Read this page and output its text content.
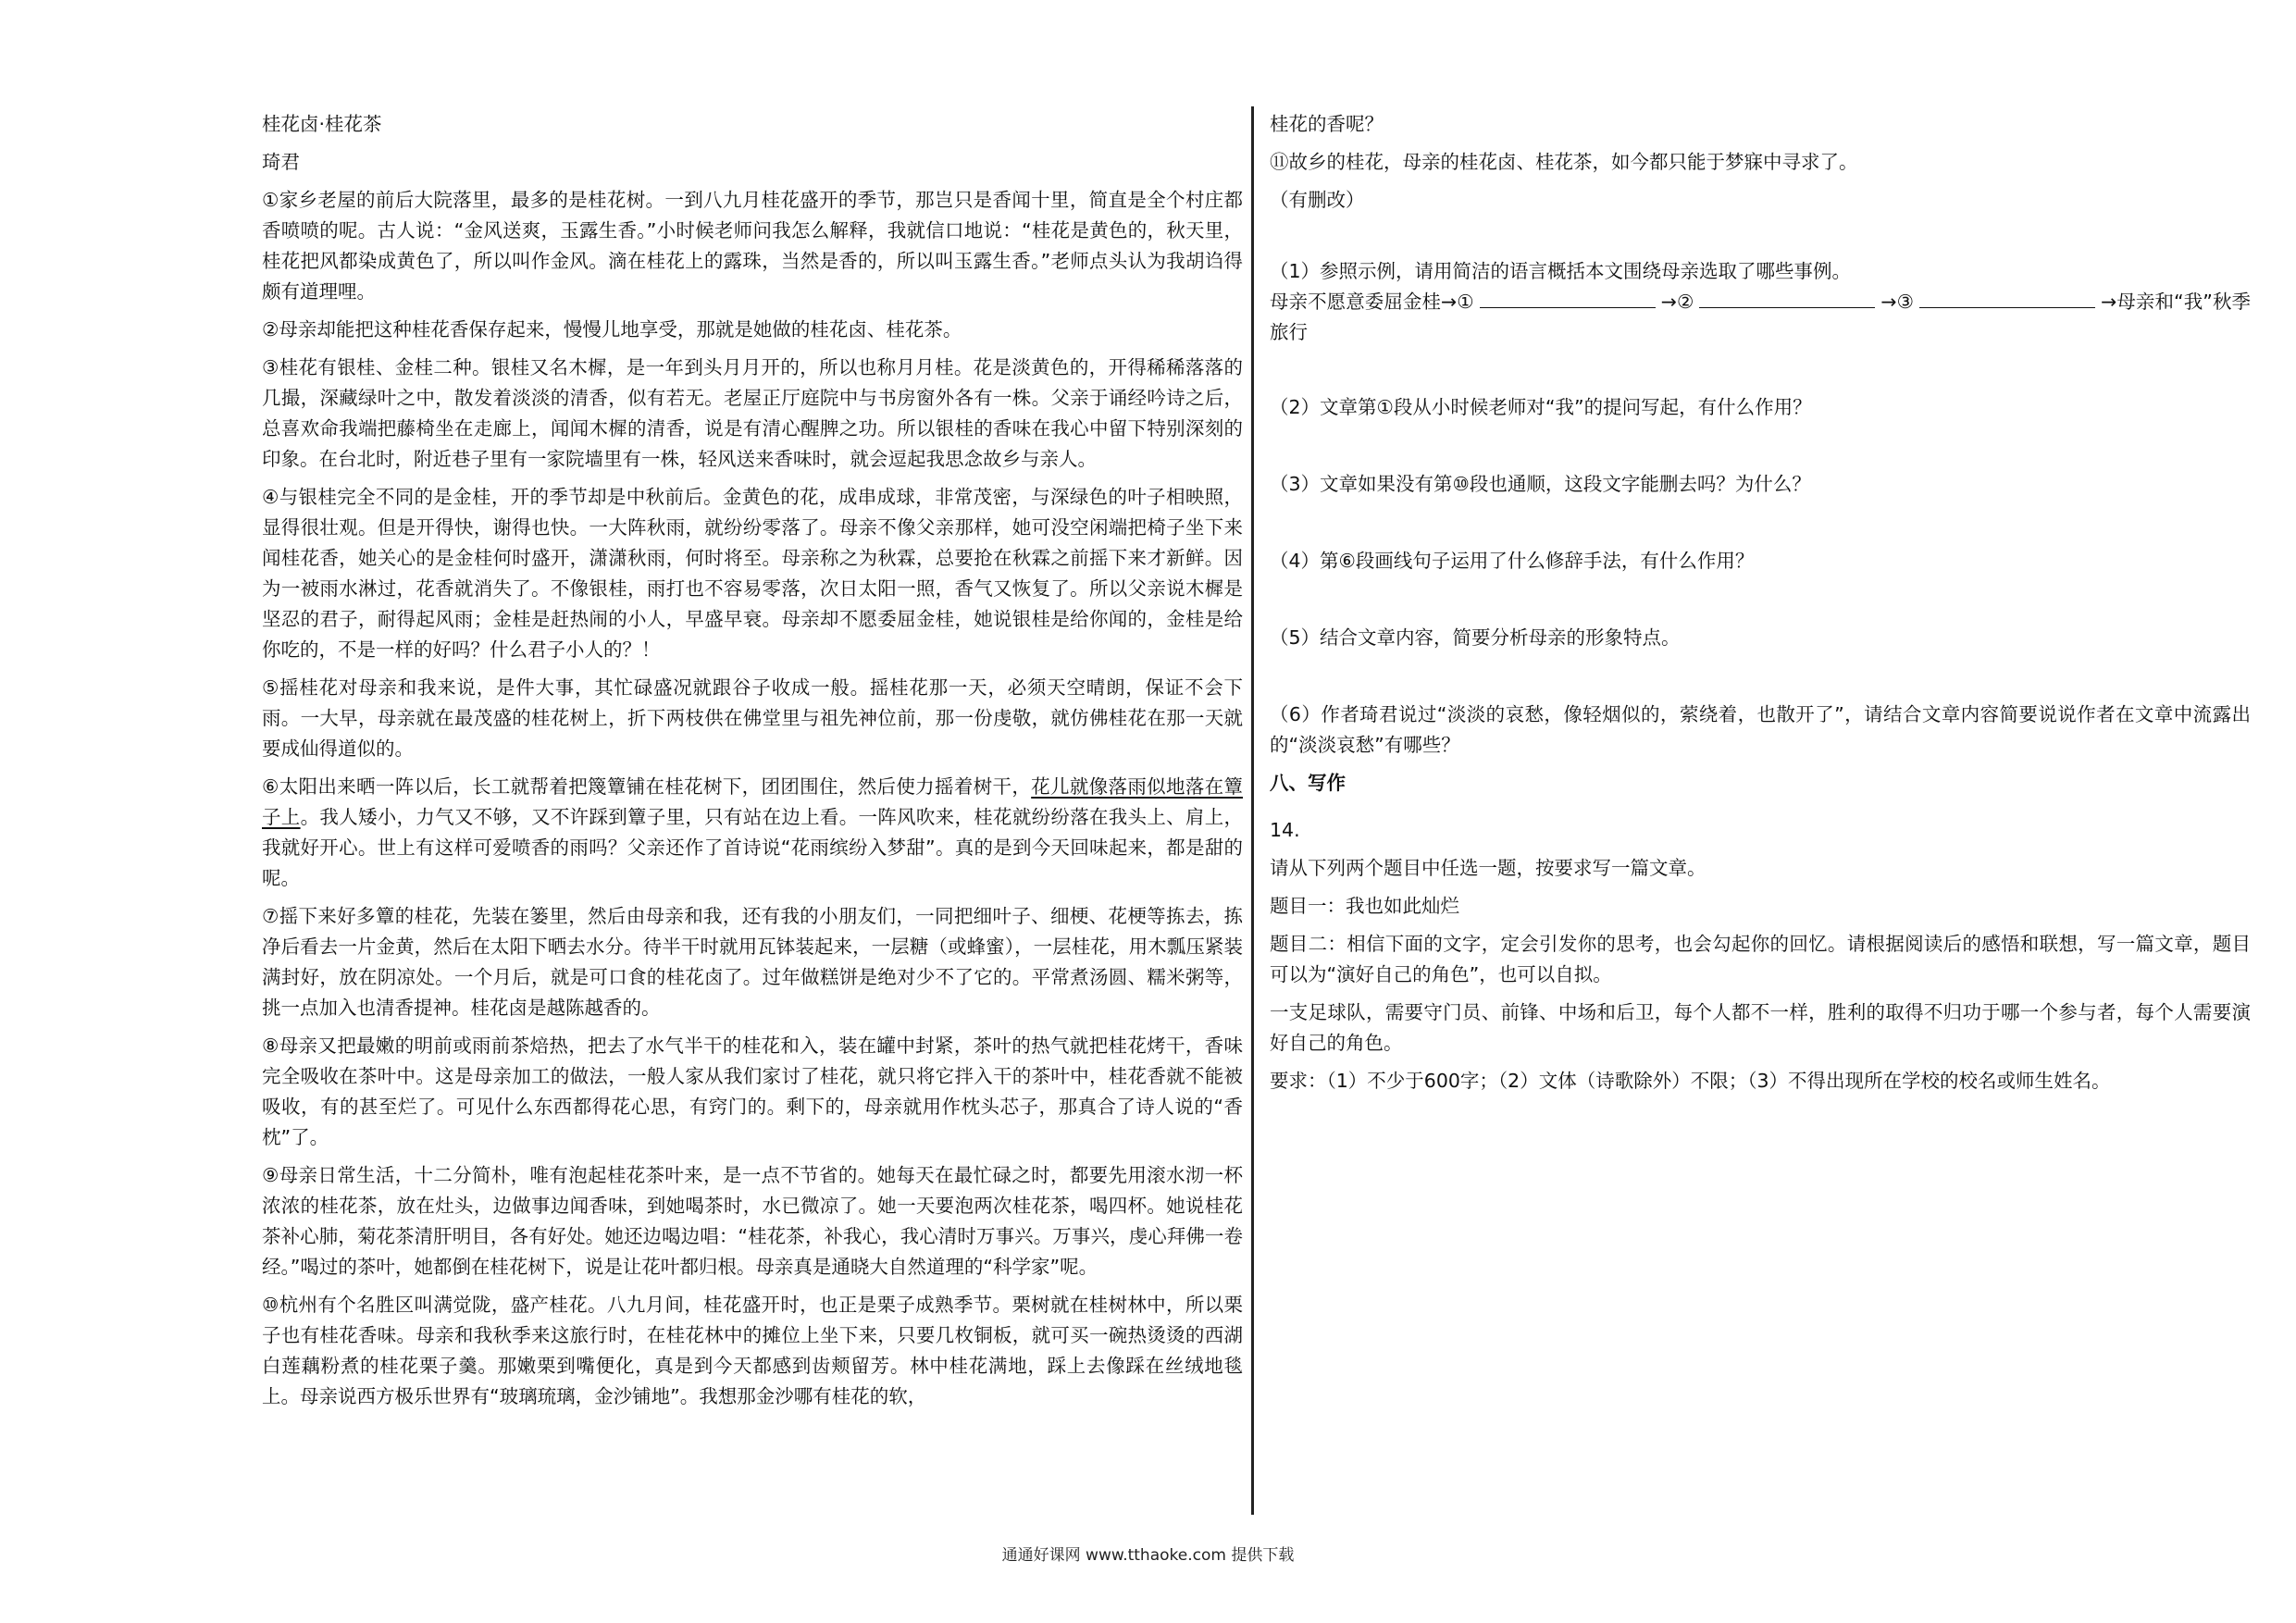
桂花卤·桂花茶

琦君

①家乡老屋的前后大院落里，最多的是桂花树。一到八九月桂花盛开的季节，那岂只是香闻十里，简直是全个村庄都香喷喷的呢。古人说：“金风送爽，玉露生香。”小时候老师问我怎么解释，我就信口地说：“桂花是黄色的，秋天里，桂花把风都染成黄色了，所以叫作金风。滴在桂花上的露珠，当然是香的，所以叫玉露生香。”老师点头认为我胡诌得颇有道理哩。

②母亲却能把这种桂花香保存起来，慢慢儿地享受，那就是她做的桂花卤、桂花茶。

③桂花有银桂、金桂二种。银桂又名木樨，是一年到头月月开的，所以也称月月桂。花是淡黄色的，开得稀稀落落的几撮，深藏绿叶之中，散发着淡淡的清香，似有若无。老屋正厅庭院中与书房窗外各有一株。父亲于诵经吟诗之后，总喜欢命我端把藤椅坐在走廊上，闻闻木樨的清香，说是有清心醒脾之功。所以银桂的香味在我心中留下特别深刻的印象。在台北时，附近巷子里有一家院墙里有一株，轻风送来香味时，就会逗起我思念故乡与亲人。

④与银桂完全不同的是金桂，开的季节却是中秋前后。金黄色的花，成串成球，非常茂密，与深绿色的叶子相映照，显得很壮观。但是开得快，谢得也快。一大阵秋雨，就纷纷零落了。母亲不像父亲那样，她可没空闲端把椅子坐下来闻桂花香，她关心的是金桂何时盛开，潇潇秋雨，何时将至。母亲称之为秋霖，总要抢在秋霖之前摇下来才新鲜。因为一被雨水淋过，花香就消失了。不像银桂，雨打也不容易零落，次日太阳一照，香气又恢复了。所以父亲说木樨是坚忍的君子，耐得起风雨；金桂是赶热闹的小人，早盛早衰。母亲却不愿委屈金桂，她说银桂是给你闻的，金桂是给你吃的，不是一样的好吗？什么君子小人的？！

⑤摇桂花对母亲和我来说，是件大事，其忙碌盛况就跟谷子收成一般。摇桂花那一天，必须天空晴朗，保证不会下雨。一大早，母亲就在最茂盛的桂花树上，折下两枝供在佛堂里与祖先神位前，那一份虔敬，就仿佛桂花在那一天就要成仙得道似的。

⑥太阳出来晒一阵以后，长工就帮着把篾簟铺在桂花树下，团团围住，然后使力摇着树干，花儿就像落雨似地落在簟子上。我人矮小，力气又不够，又不许踩到簟子里，只有站在边上看。一阵风吹来，桂花就纷纷落在我头上、肩上，我就好开心。世上有这样可爱喷香的雨吗？父亲还作了首诗说“花雨缤纷入梦甜”。真的是到今天回味起来，都是甜的呢。

⑦摇下来好多簟的桂花，先装在篓里，然后由母亲和我，还有我的小朋友们，一同把细叶子、细梗、花梗等拣去，拣净后看去一片金黄，然后在太阳下晒去水分。待半干时就用瓦钵装起来，一层糖（或蜂蜜），一层桂花，用木瓢压紧装满封好，放在阴凉处。一个月后，就是可口食的桂花卤了。过年做糕饼是绝对少不了它的。平常煮汤圆、糯米粥等，挑一点加入也清香提神。桂花卤是越陈越香的。

⑧母亲又把最嫩的明前或雨前茶焙热，把去了水气半干的桂花和入，装在罐中封紧，茶叶的热气就把桂花烤干，香味完全吸收在茶叶中。这是母亲加工的做法，一般人家从我们家讨了桂花，就只将它拌入干的茶叶中，桂花香就不能被吸收，有的甚至烂了。可见什么东西都得花心思，有窍门的。剩下的，母亲就用作枕头芯子，那真合了诗人说的“香枕”了。

⑨母亲日常生活，十二分简朴，唯有泡起桂花茶叶来，是一点不节省的。她每天在最忙碌之时，都要先用滚水沏一杯浓浓的桂花茶，放在灶头，边做事边闻香味，到她喝茶时，水已微凉了。她一天要泡两次桂花茶，喝四杯。她说桂花茶补心肺，菊花茶清肝明目，各有好处。她还边喝边唱：“桂花茶，补我心，我心清时万事兴。万事兴，虔心拜佛一卷经。”喝过的茶叶，她都倒在桂花树下，说是让花叶都归根。母亲真是通晓大自然道理的“科学家”呢。

⑩杭州有个名胜区叫满觉陇，盛产桂花。八九月间，桂花盛开时，也正是栗子成熟季节。栗树就在桂树林中，所以栗子也有桂花香味。母亲和我秋季来这旅行时，在桂花林中的摊位上坐下来，只要几枚铜板，就可买一碗热烫烫的西湖白莲藕粉煮的桂花栗子羹。那嫩栗到嘴便化，真是到今天都感到齿颊留芳。林中桂花满地，踩上去像踩在丝绒地毯上。母亲说西方极乐世界有“玻璃琉璃，金沙铺地”。我想那金沙哪有桂花的软，

桂花的香呢？

⑪故乡的桂花，母亲的桂花卤、桂花茶，如今都只能于梦寐中寻求了。

（有删改）

（1）参照示例，请用简洁的语言概括本文围绕母亲选取了哪些事例。

母亲不愿意委屈金桂→①	→②	→③	→母亲和“我”秋季旅行

（2）文章第①段从小时候老师对“我”的提问写起，有什么作用？

（3）文章如果没有第⑩段也通顺，这段文字能删去吗？为什么？

（4）第⑥段画线句子运用了什么修辞手法，有什么作用？

（5）结合文章内容，简要分析母亲的形象特点。

（6）作者琦君说过“淡淡的哀愁，像轻烟似的，萦绕着，也散开了”，请结合文章内容简要说说作者在文章中流露出的“淡淡哀愁”有哪些？

八、写作

14.

请从下列两个题目中任选一题，按要求写一篇文章。

题目一：我也如此灿烂

题目二：相信下面的文字，定会引发你的思考，也会勾起你的回忆。请根据阅读后的感悟和联想，写一篇文章，题目可以为“演好自己的角色”，也可以自拟。

一支足球队，需要守门员、前锋、中场和后卫，每个人都不一样，胜利的取得不归功于哪一个参与者，每个人需要演好自己的角色。

要求：（1）不少于600字；（2）文体（诗歌除外）不限；（3）不得出现所在学校的校名或师生姓名。

通通好课网 www.tthaoke.com 提供下载
